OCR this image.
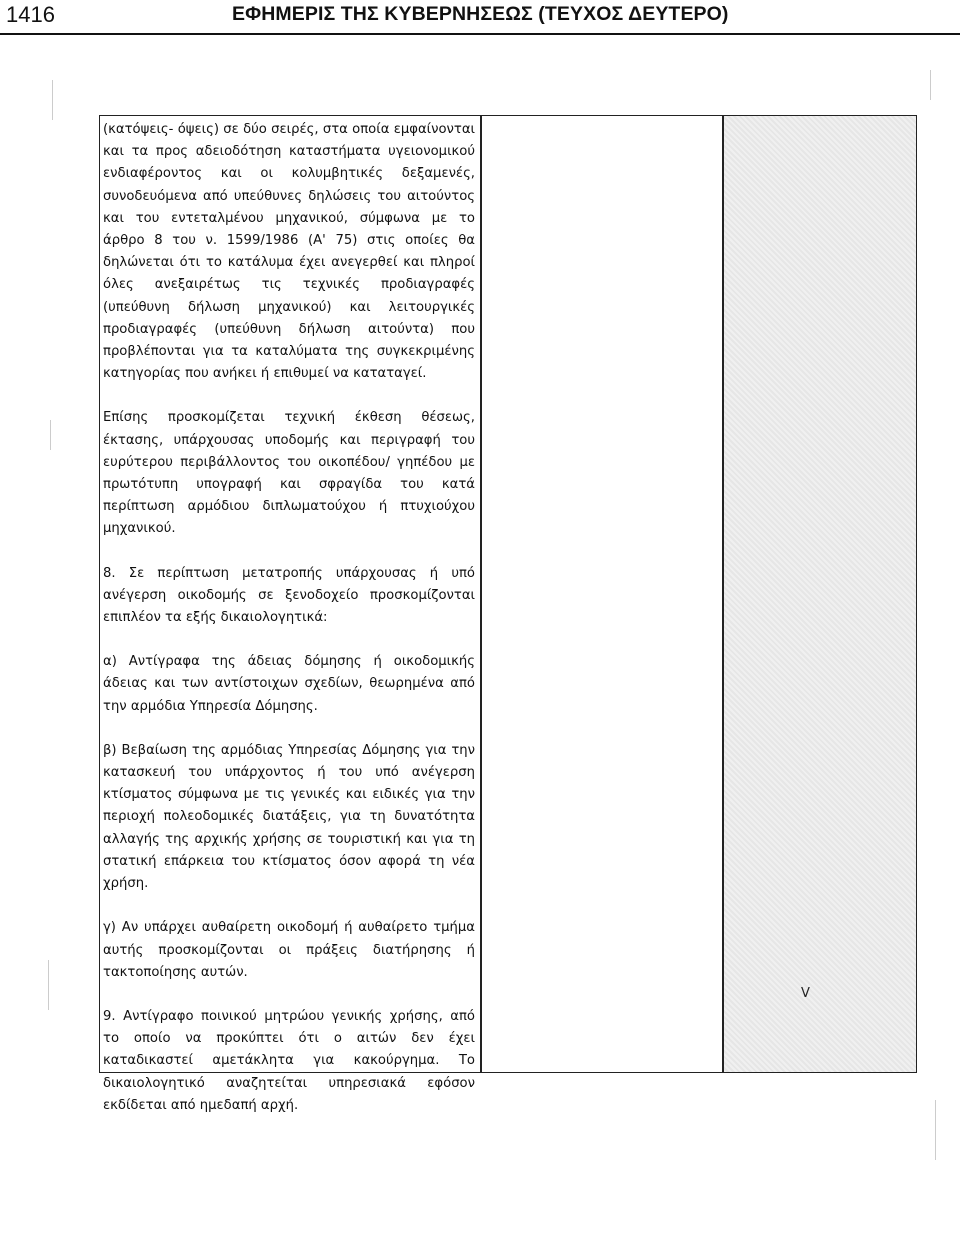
1416	ΕΦΗΜΕΡΙΣ ΤΗΣ ΚΥΒΕΡΝΗΣΕΩΣ (ΤΕΥΧΟΣ ΔΕΥΤΕΡΟ)

(κατόψεις- όψεις) σε δύο σειρές, στα οποία εμφαίνονται και τα προς αδειοδότηση καταστήματα υγειονομικού ενδιαφέροντος και οι κολυμβητικές δεξαμενές, συνοδευόμενα από υπεύθυνες δηλώσεις του αιτούντος και του εντεταλμένου μηχανικού, σύμφωνα με το άρθρο 8 του ν. 1599/1986 (Α' 75) στις οποίες θα δηλώνεται ότι το κατάλυμα έχει ανεγερθεί και πληροί όλες ανεξαιρέτως τις τεχνικές προδιαγραφές (υπεύθυνη δήλωση μηχανικού) και λειτουργικές προδιαγραφές (υπεύθυνη δήλωση αιτούντα) που προβλέπονται για τα καταλύματα της συγκεκριμένης κατηγορίας που ανήκει ή επιθυμεί να καταταγεί.

Επίσης προσκομίζεται τεχνική έκθεση θέσεως, έκτασης, υπάρχουσας υποδομής και περιγραφή του ευρύτερου περιβάλλοντος του οικοπέδου/ γηπέδου με πρωτότυπη υπογραφή και σφραγίδα του κατά περίπτωση αρμόδιου διπλωματούχου ή πτυχιούχου μηχανικού.

8. Σε περίπτωση μετατροπής υπάρχουσας ή υπό ανέγερση οικοδομής σε ξενοδοχείο προσκομίζονται επιπλέον τα εξής δικαιολογητικά:

α) Αντίγραφα της άδειας δόμησης ή οικοδομικής άδειας και των αντίστοιχων σχεδίων, θεωρημένα από την αρμόδια Υπηρεσία Δόμησης.

β) Βεβαίωση της αρμόδιας Υπηρεσίας Δόμησης για την κατασκευή του υπάρχοντος ή του υπό ανέγερση κτίσματος σύμφωνα με τις γενικές και ειδικές για την περιοχή πολεοδομικές διατάξεις, για τη δυνατότητα αλλαγής της αρχικής χρήσης σε τουριστική και για τη στατική επάρκεια του κτίσματος όσον αφορά τη νέα χρήση.

γ) Αν υπάρχει αυθαίρετη οικοδομή ή αυθαίρετο τμήμα αυτής προσκομίζονται οι πράξεις διατήρησης ή τακτοποίησης αυτών.

9. Αντίγραφο ποινικού μητρώου γενικής χρήσης, από το οποίο να προκύπτει ότι ο αιτών δεν έχει καταδικαστεί αμετάκλητα για κακούργημα. Το δικαιολογητικό αναζητείται υπηρεσιακά εφόσον εκδίδεται από ημεδαπή αρχή.

V
